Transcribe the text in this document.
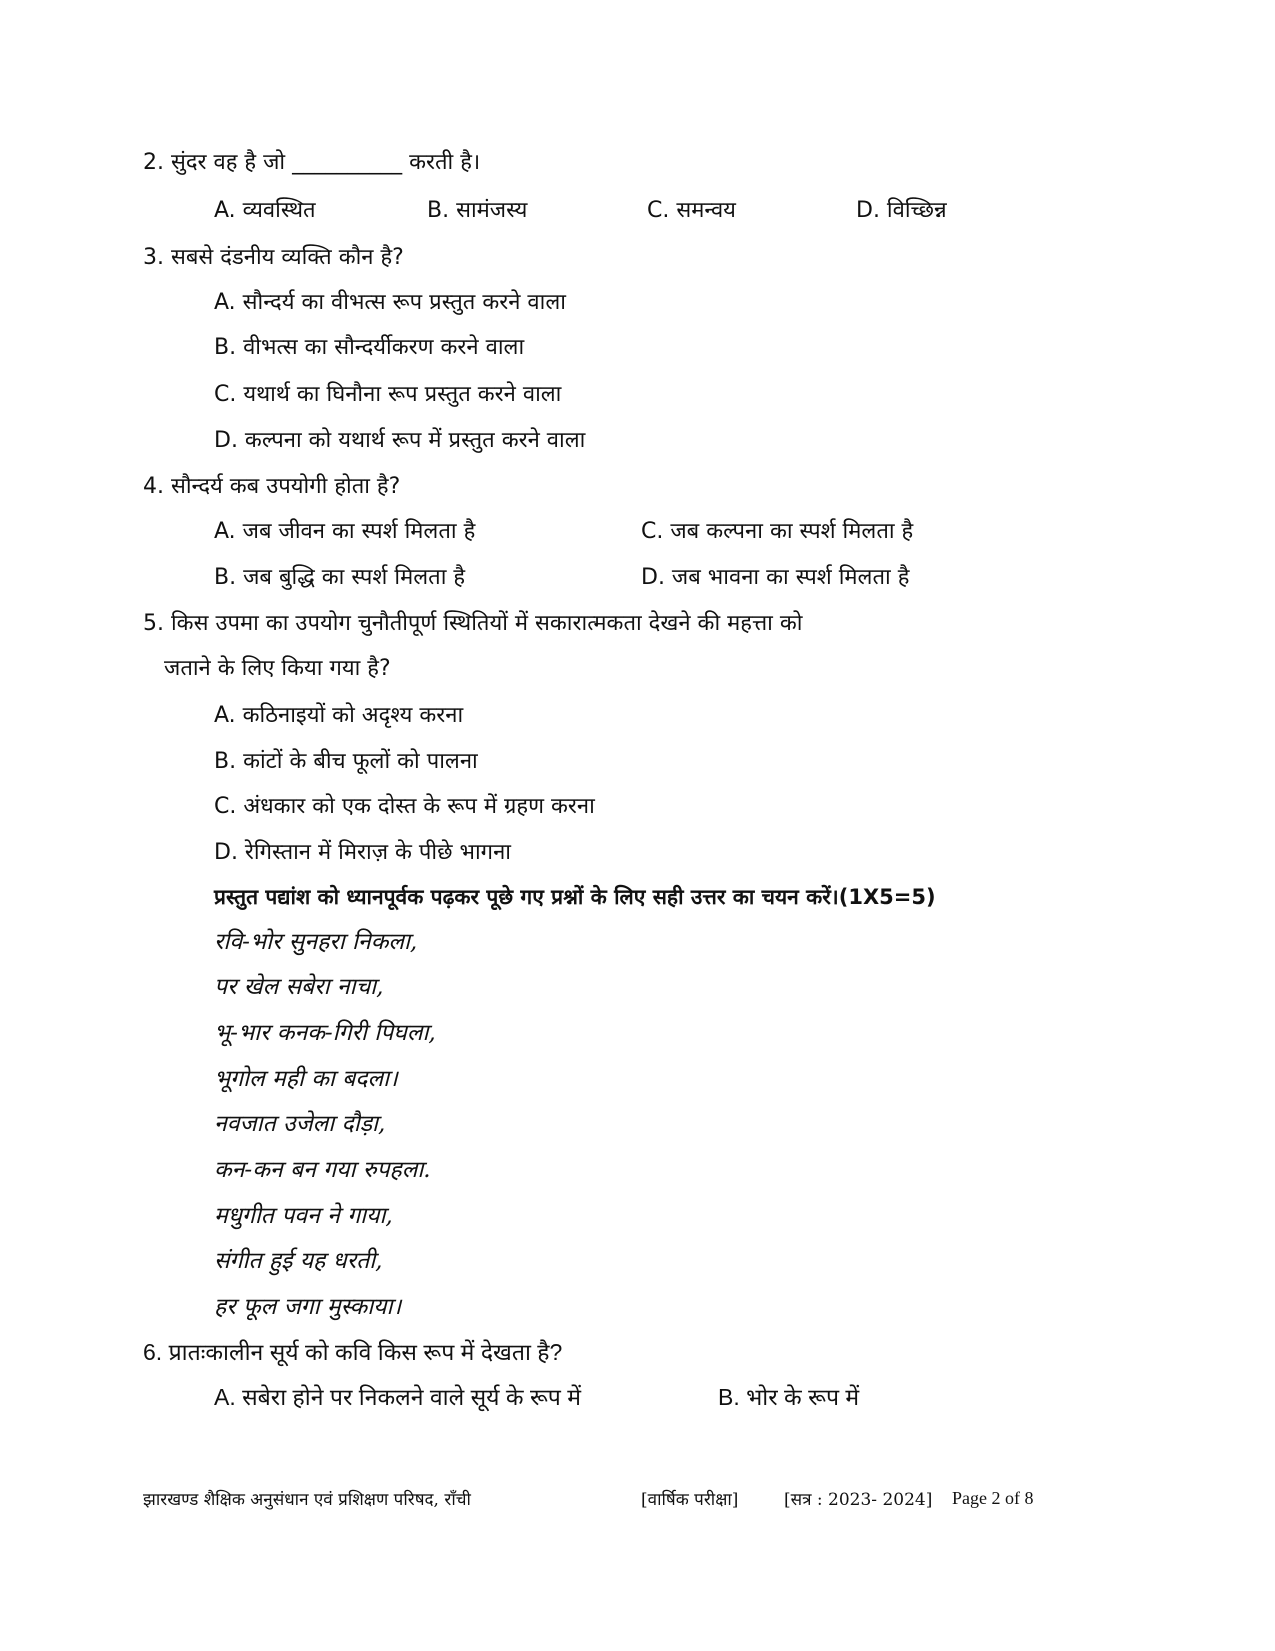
2. सुंदर वह है जो __________ करती है।
A. व्यवस्थित	B. सामंजस्य	C. समन्वय	D. विच्छिन्न
3. सबसे दंडनीय व्यक्ति कौन है?
A. सौन्दर्य का वीभत्स रूप प्रस्तुत करने वाला
B. वीभत्स का सौन्दर्यीकरण करने वाला
C. यथार्थ का घिनौना रूप प्रस्तुत करने वाला
D. कल्पना को यथार्थ रूप में प्रस्तुत करने वाला
4. सौन्दर्य कब उपयोगी होता है?
A. जब जीवन का स्पर्श मिलता है	C. जब कल्पना का स्पर्श मिलता है
B. जब बुद्धि का स्पर्श मिलता है	D. जब भावना का स्पर्श मिलता है
5. किस उपमा का उपयोग चुनौतीपूर्ण स्थितियों में सकारात्मकता देखने की महत्ता को
जताने के लिए किया गया है?
A. कठिनाइयों को अदृश्य करना
B. कांटों के बीच फूलों को पालना
C. अंधकार को एक दोस्त के रूप में ग्रहण करना
D. रेगिस्तान में मिराज़ के पीछे भागना
प्रस्तुत पद्यांश को ध्यानपूर्वक पढ़कर पूछे गए प्रश्नों के लिए सही उत्तर का चयन करें।(1X5=5)
रवि-भोर सुनहरा निकला,
पर खेल सबेरा नाचा,
भू-भार कनक-गिरी पिघला,
भूगोल मही का बदला।
नवजात उजेला दौड़ा,
कन-कन बन गया रुपहला.
मधुगीत पवन ने गाया,
संगीत हुई यह धरती,
हर फूल जगा मुस्काया।
6. प्रातःकालीन सूर्य को कवि किस रूप में देखता है?
A. सबेरा होने पर निकलने वाले सूर्य के रूप में	B. भोर के रूप में
झारखण्ड शैक्षिक अनुसंधान एवं प्रशिक्षण परिषद, राँची	[वार्षिक परीक्षा]	[सत्र : 2023- 2024] Page 2 of 8
